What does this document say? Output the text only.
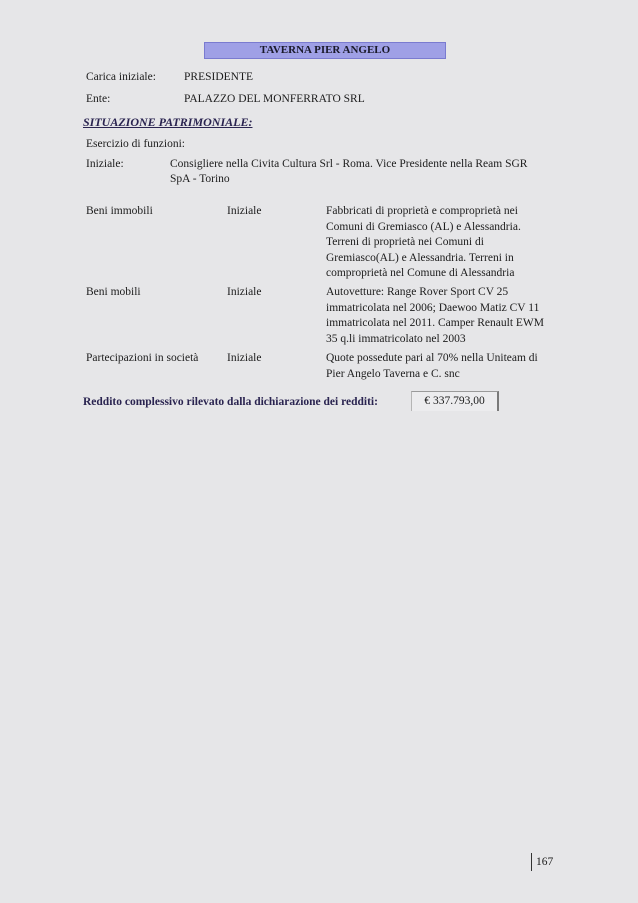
TAVERNA PIER ANGELO
Carica iniziale: PRESIDENTE
Ente:	PALAZZO DEL MONFERRATO SRL
SITUAZIONE PATRIMONIALE:
Esercizio di funzioni:
Iniziale:	Consigliere nella Civita Cultura Srl - Roma. Vice Presidente nella Ream SGR
SpA - Torino
Beni immobili	Iniziale	Fabbricati di proprietà e comproprietà nei
Comuni di Gremiasco (AL) e Alessandria.
Terreni di proprietà nei Comuni di
Gremiasco(AL) e Alessandria. Terreni in
comproprietà nel Comune di Alessandria
Beni mobili	Iniziale	Autovetture: Range Rover Sport CV 25
immatricolata nel 2006; Daewoo Matiz CV 11
immatricolata nel 2011. Camper Renault EWM
35 q.li immatricolato nel 2003
Partecipazioni in società Iniziale	Quote possedute pari al 70% nella Uniteam di
Pier Angelo Taverna e C. snc
Reddito complessivo rilevato dalla dichiarazione dei redditi:	€ 337.793,00
167
